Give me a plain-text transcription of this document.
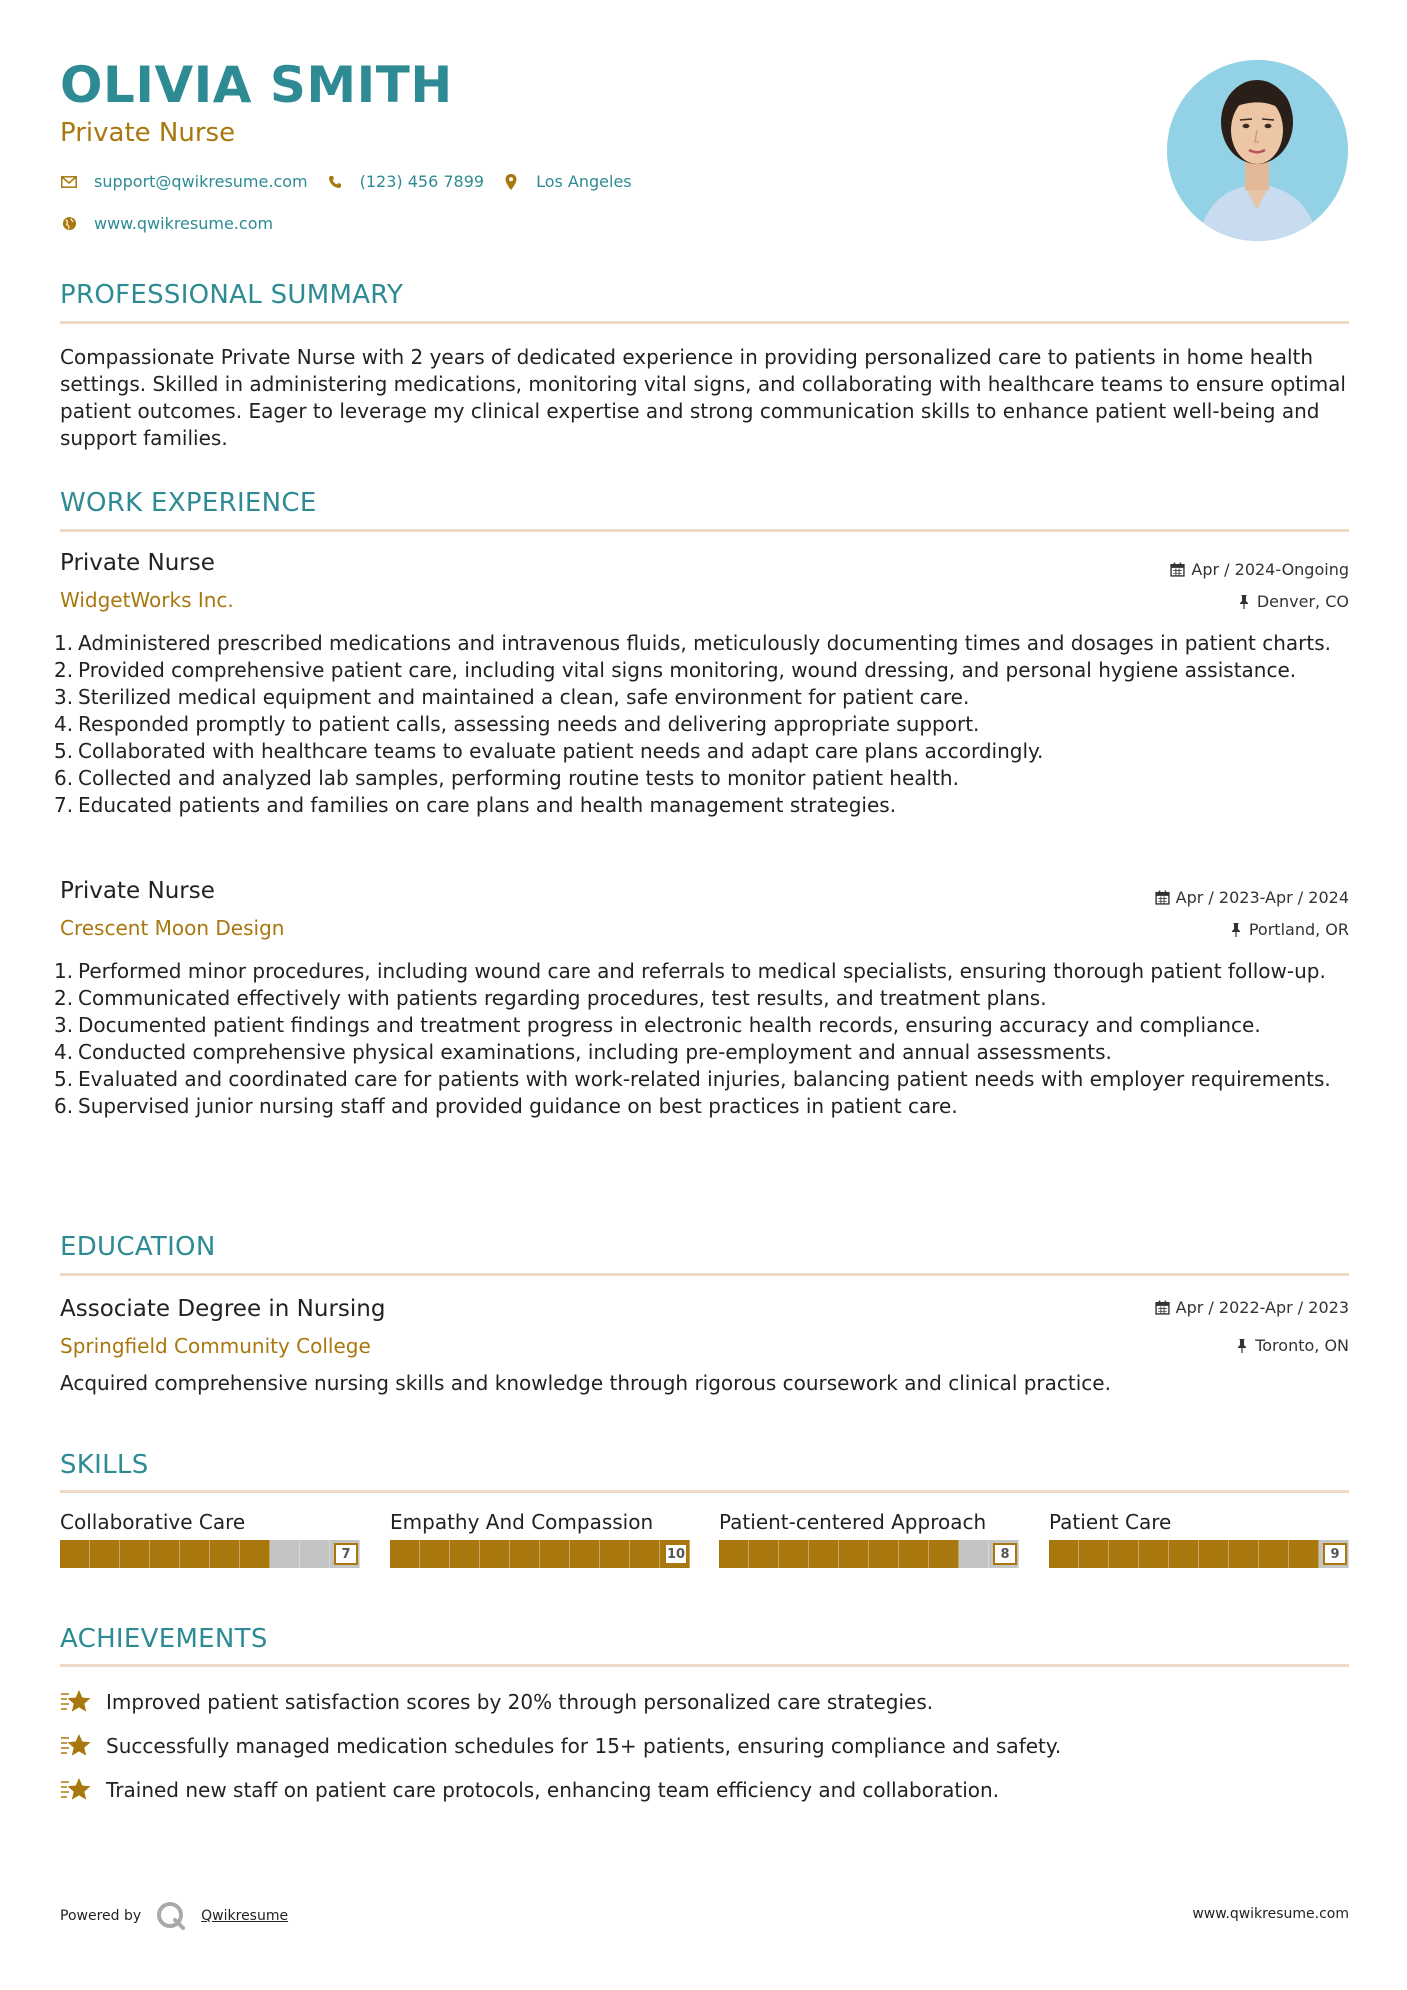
OLIVIA SMITH
Private Nurse
support@qwikresume.com	(123) 456 7899	Los Angeles
www.qwikresume.com
PROFESSIONAL SUMMARY
Compassionate Private Nurse with 2 years of dedicated experience in providing personalized care to patients in home health settings. Skilled in administering medications, monitoring vital signs, and collaborating with healthcare teams to ensure optimal patient outcomes. Eager to leverage my clinical expertise and strong communication skills to enhance patient well-being and support families.
WORK EXPERIENCE
Private Nurse
WidgetWorks Inc.
Apr / 2024-Ongoing
Denver, CO
1. Administered prescribed medications and intravenous fluids, meticulously documenting times and dosages in patient charts.
2. Provided comprehensive patient care, including vital signs monitoring, wound dressing, and personal hygiene assistance.
3. Sterilized medical equipment and maintained a clean, safe environment for patient care.
4. Responded promptly to patient calls, assessing needs and delivering appropriate support.
5. Collaborated with healthcare teams to evaluate patient needs and adapt care plans accordingly.
6. Collected and analyzed lab samples, performing routine tests to monitor patient health.
7. Educated patients and families on care plans and health management strategies.
Private Nurse
Crescent Moon Design
Apr / 2023-Apr / 2024
Portland, OR
1. Performed minor procedures, including wound care and referrals to medical specialists, ensuring thorough patient follow-up.
2. Communicated effectively with patients regarding procedures, test results, and treatment plans.
3. Documented patient findings and treatment progress in electronic health records, ensuring accuracy and compliance.
4. Conducted comprehensive physical examinations, including pre-employment and annual assessments.
5. Evaluated and coordinated care for patients with work-related injuries, balancing patient needs with employer requirements.
6. Supervised junior nursing staff and provided guidance on best practices in patient care.
EDUCATION
Associate Degree in Nursing
Springfield Community College
Apr / 2022-Apr / 2023
Toronto, ON
Acquired comprehensive nursing skills and knowledge through rigorous coursework and clinical practice.
SKILLS
Collaborative Care
7
Empathy And Compassion
10
Patient-centered Approach
8
Patient Care
9
ACHIEVEMENTS
Improved patient satisfaction scores by 20% through personalized care strategies.
Successfully managed medication schedules for 15+ patients, ensuring compliance and safety.
Trained new staff on patient care protocols, enhancing team efficiency and collaboration.
Powered by	Qwikresume	www.qwikresume.com
